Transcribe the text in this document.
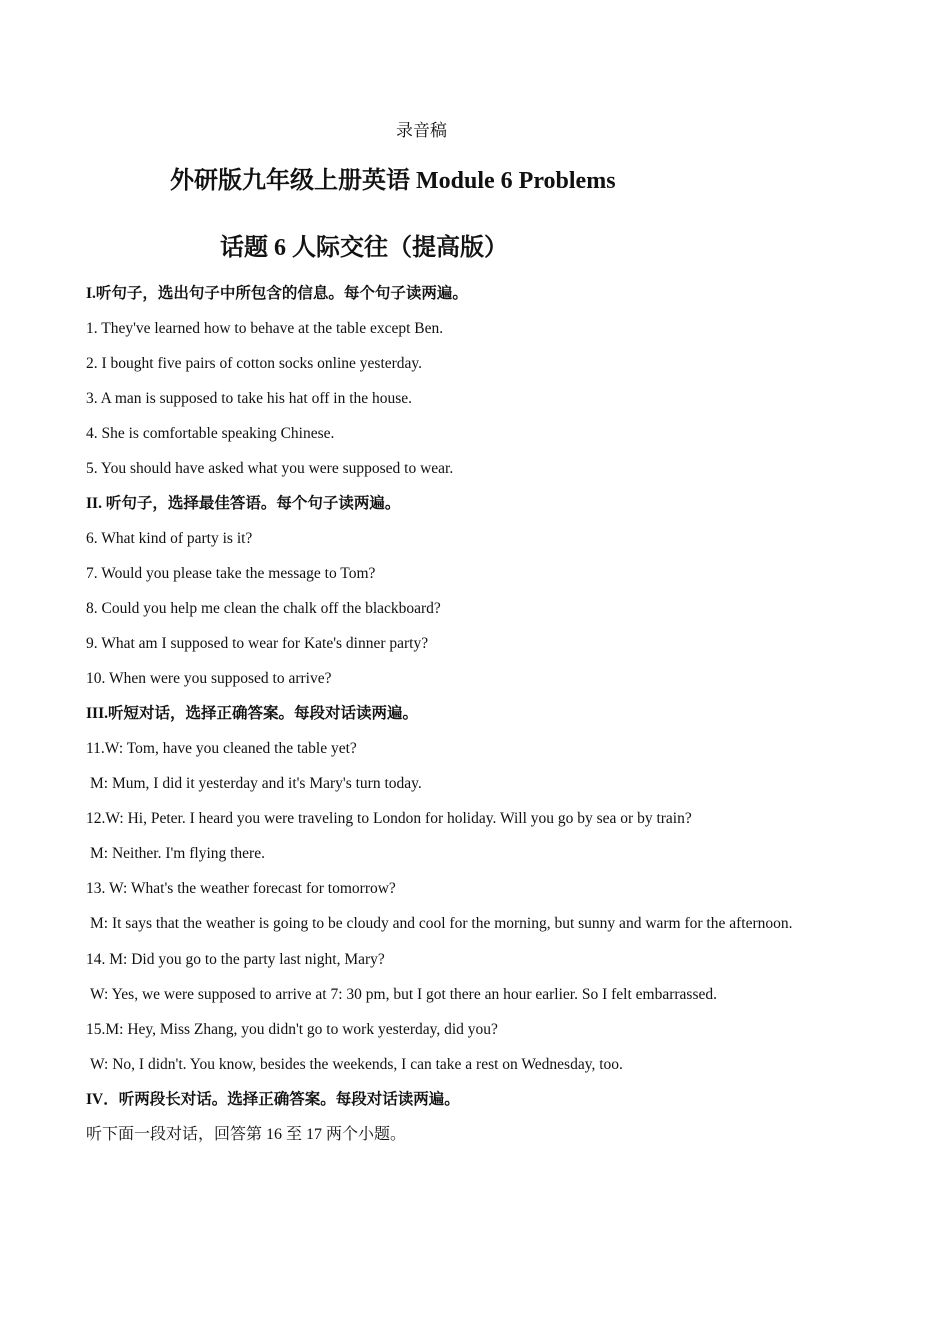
录音稿
外研版九年级上册英语 Module 6 Problems
话题 6 人际交往（提高版）
I.听句子，选出句子中所包含的信息。每个句子读两遍。
1. They've learned how to behave at the table except Ben.
2. I bought five pairs of cotton socks online yesterday.
3. A man is supposed to take his hat off in the house.
4. She is comfortable speaking Chinese.
5. You should have asked what you were supposed to wear.
II. 听句子，选择最佳答语。每个句子读两遍。
6. What kind of party is it?
7. Would you please take the message to Tom?
8. Could you help me clean the chalk off the blackboard?
9. What am I supposed to wear for Kate's dinner party?
10. When were you supposed to arrive?
III.听短对话，选择正确答案。每段对话读两遍。
11.W: Tom, have you cleaned the table yet?
M: Mum, I did it yesterday and it's Mary's turn today.
12.W: Hi, Peter. I heard you were traveling to London for holiday. Will you go by sea or by train?
M: Neither. I'm flying there.
13. W: What's the weather forecast for tomorrow?
M: It says that the weather is going to be cloudy and cool for the morning, but sunny and warm for the afternoon.
14. M: Did you go to the party last night, Mary?
W: Yes, we were supposed to arrive at 7: 30 pm, but I got there an hour earlier. So I felt embarrassed.
15.M: Hey, Miss Zhang, you didn't go to work yesterday, did you?
W: No, I didn't. You know, besides the weekends, I can take a rest on Wednesday, too.
IV．听两段长对话。选择正确答案。每段对话读两遍。
听下面一段对话，回答第 16 至 17 两个小题。
